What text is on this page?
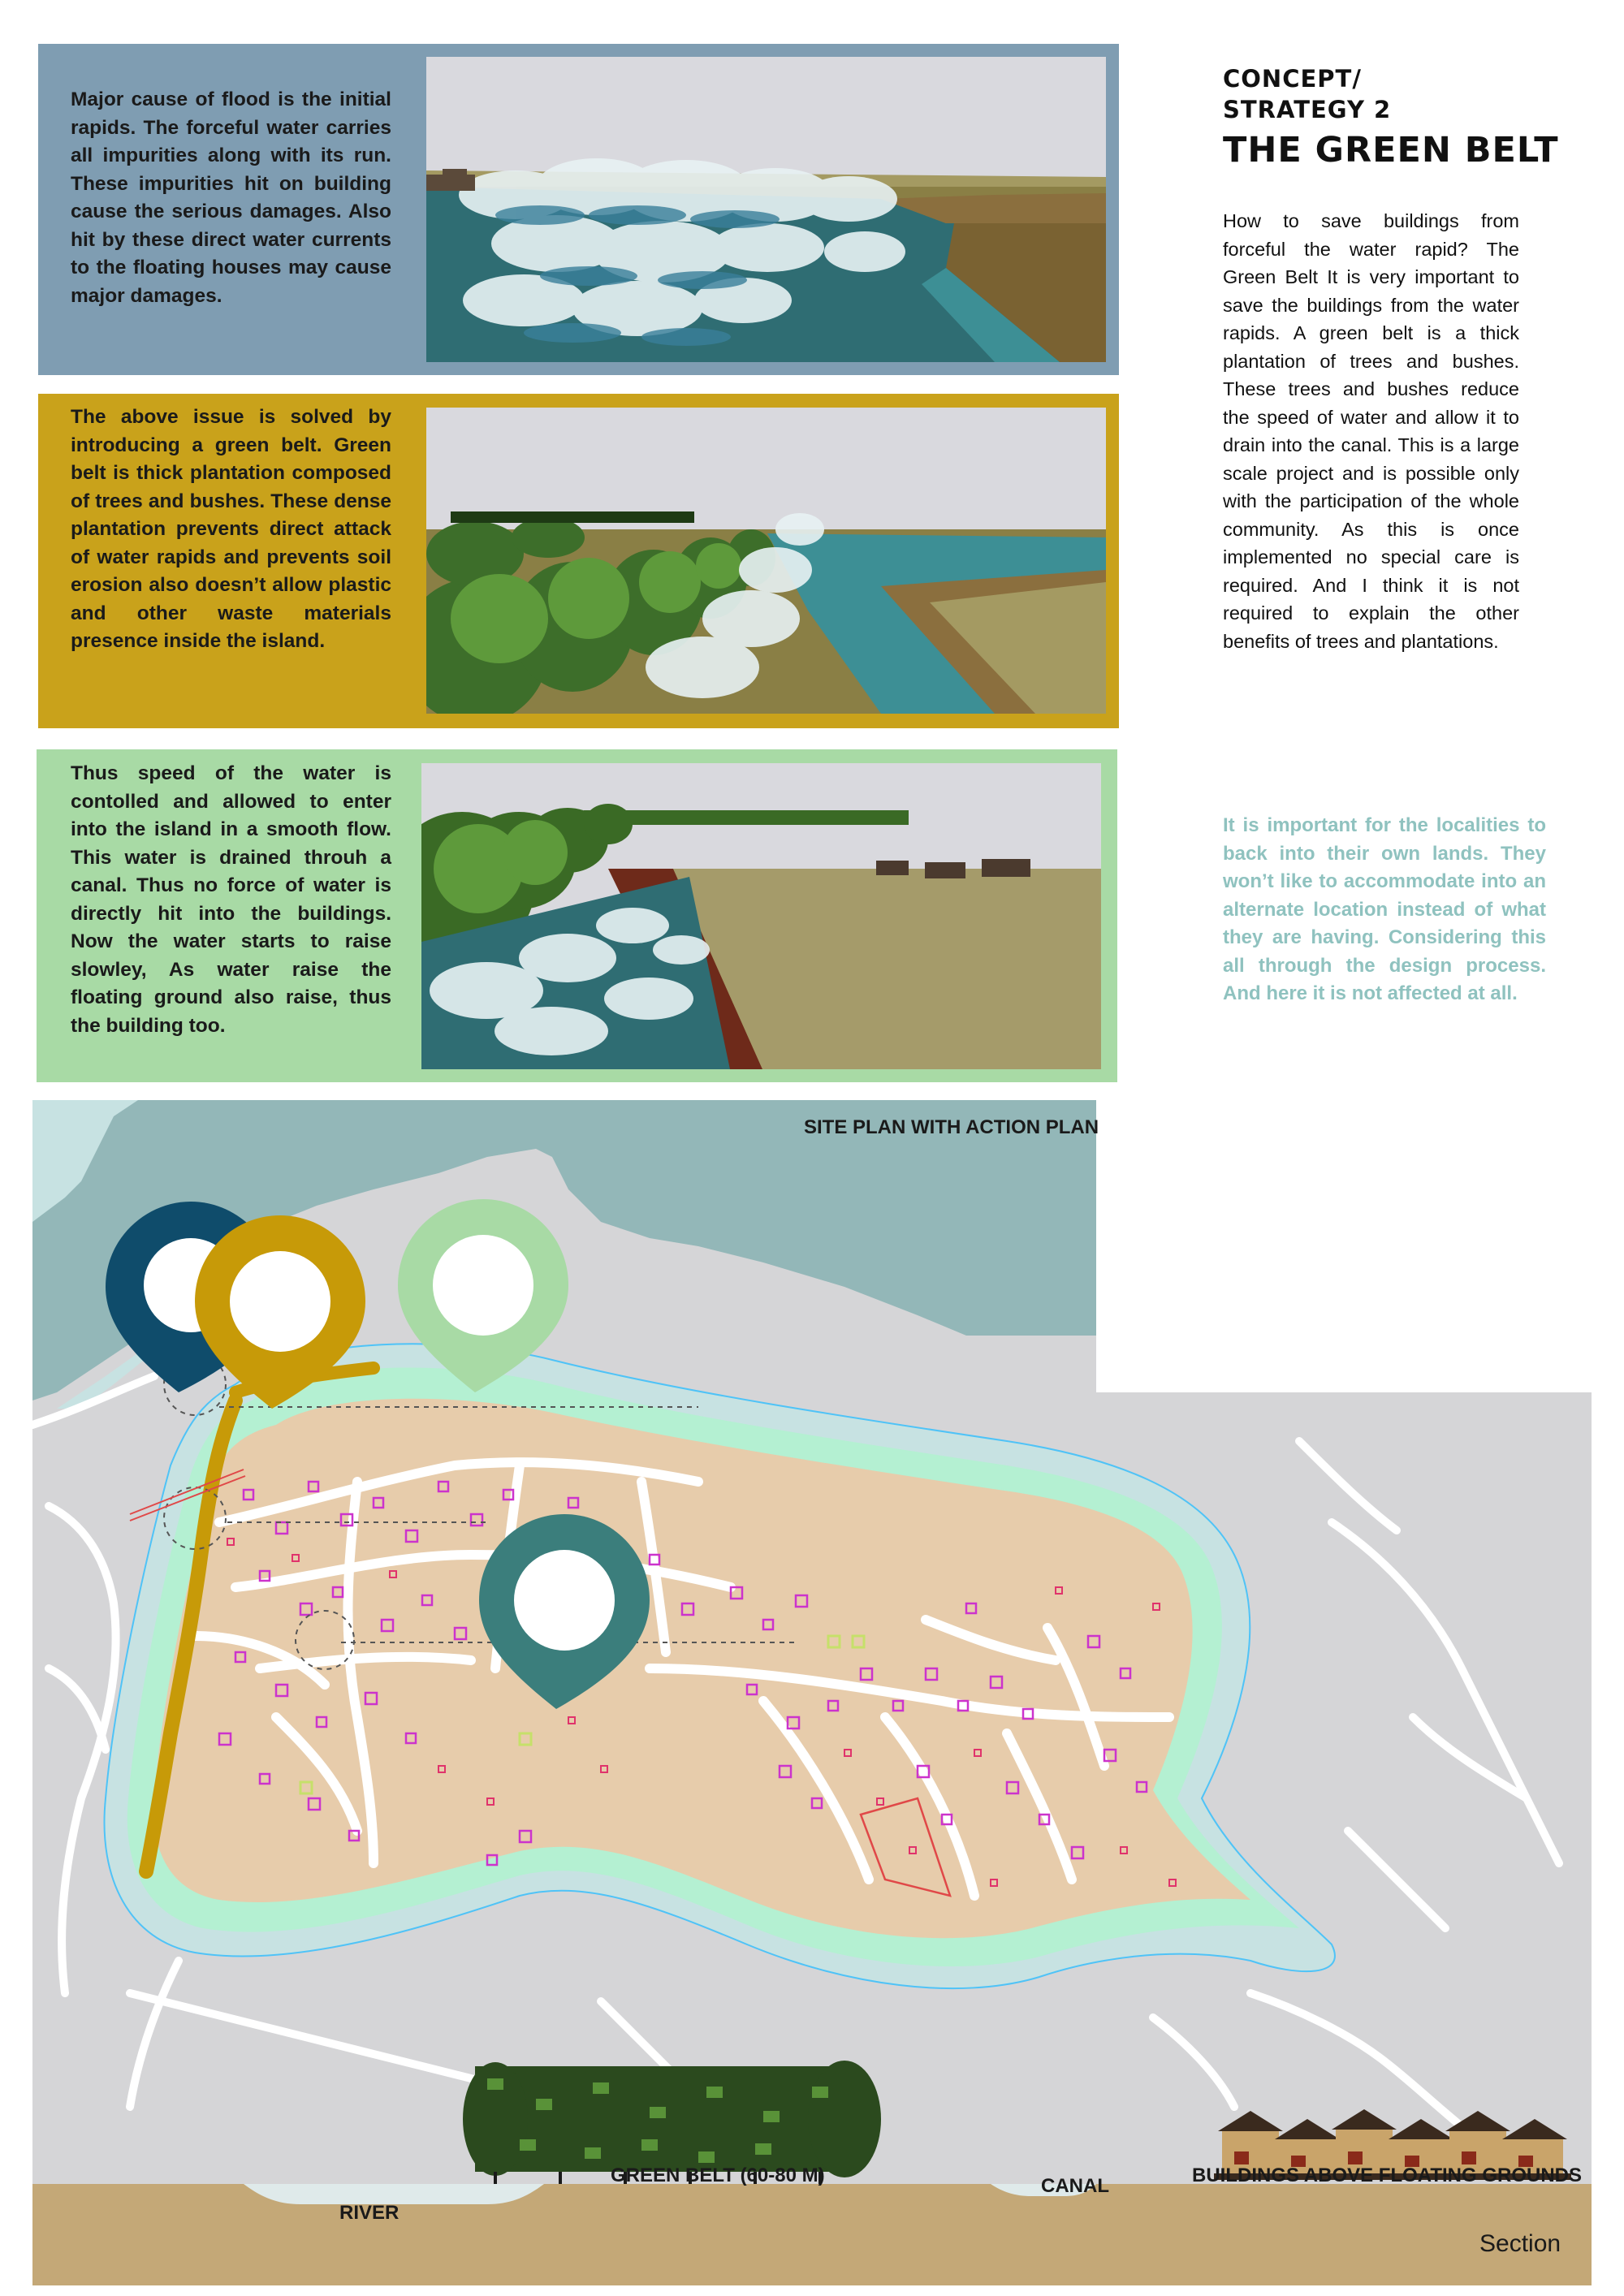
Major cause of flood is the initial rapids. The forceful water carries all impurities along with its run. These impurities hit on building cause the serious damages. Also hit by these direct water currents to the floating houses may cause major damages.
The above issue is solved by introducing a green belt. Green belt is thick plantation composed of trees and bushes. These dense plantation prevents direct attack of water rapids and prevents soil erosion also doesn’t allow plastic and other waste materials presence inside the island.
Thus speed of the water is contolled and allowed to enter into the island in a smooth flow. This water is drained throuh a canal. Thus no force of water is directly hit into the buildings. Now the water starts to raise slowley, As water raise the floating ground also raise, thus the building too.
CONCEPT/
STRATEGY 2
THE GREEN BELT
How to save buildings from forceful the water rapid? The Green Belt It is very important to save the buildings from the water rapids. A green belt is a thick plantation of trees and bushes. These trees and bushes reduce the speed of water and allow it to drain into the canal. This is a large scale project and is possible only with the participation of the whole community. As this is once implemented no special care is required. And I think it is not required to explain the other benefits of trees and plantations.
It is important for the localities to back into their own lands. They won’t like to accommodate into an alternate location instead of what they are having. Considering this all through the design process. And here it is not affected at all.
SITE PLAN WITH ACTION PLAN
GREEN BELT (60-80 M)
RIVER
CANAL	BUILDINGS ABOVE FLOATING GROUNDS
Section
